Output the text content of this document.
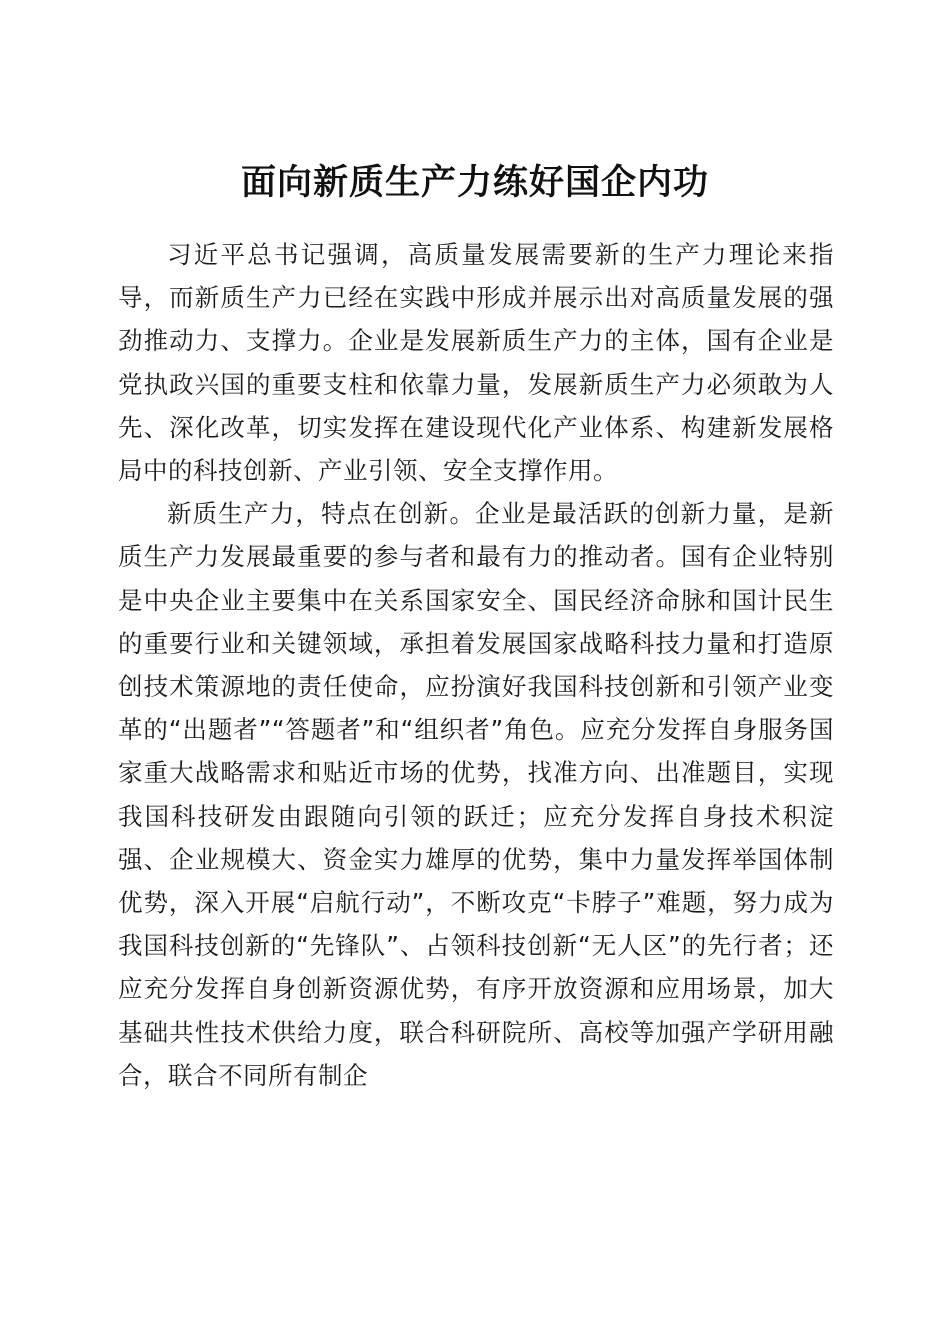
面向新质生产力练好国企内功

习近平总书记强调，高质量发展需要新的生产力理论来指导，而新质生产力已经在实践中形成并展示出对高质量发展的强劲推动力、支撑力。企业是发展新质生产力的主体，国有企业是党执政兴国的重要支柱和依靠力量，发展新质生产力必须敢为人先、深化改革，切实发挥在建设现代化产业体系、构建新发展格局中的科技创新、产业引领、安全支撑作用。

新质生产力，特点在创新。企业是最活跃的创新力量，是新质生产力发展最重要的参与者和最有力的推动者。国有企业特别是中央企业主要集中在关系国家安全、国民经济命脉和国计民生的重要行业和关键领域，承担着发展国家战略科技力量和打造原创技术策源地的责任使命，应扮演好我国科技创新和引领产业变革的“出题者”“答题者”和“组织者”角色。应充分发挥自身服务国家重大战略需求和贴近市场的优势，找准方向、出准题目，实现我国科技研发由跟随向引领的跃迁；应充分发挥自身技术积淀强、企业规模大、资金实力雄厚的优势，集中力量发挥举国体制优势，深入开展“启航行动”，不断攻克“卡脖子”难题，努力成为我国科技创新的“先锋队”、占领科技创新“无人区”的先行者；还应充分发挥自身创新资源优势，有序开放资源和应用场景，加大基础共性技术供给力度，联合科研院所、高校等加强产学研用融合，联合不同所有制企
